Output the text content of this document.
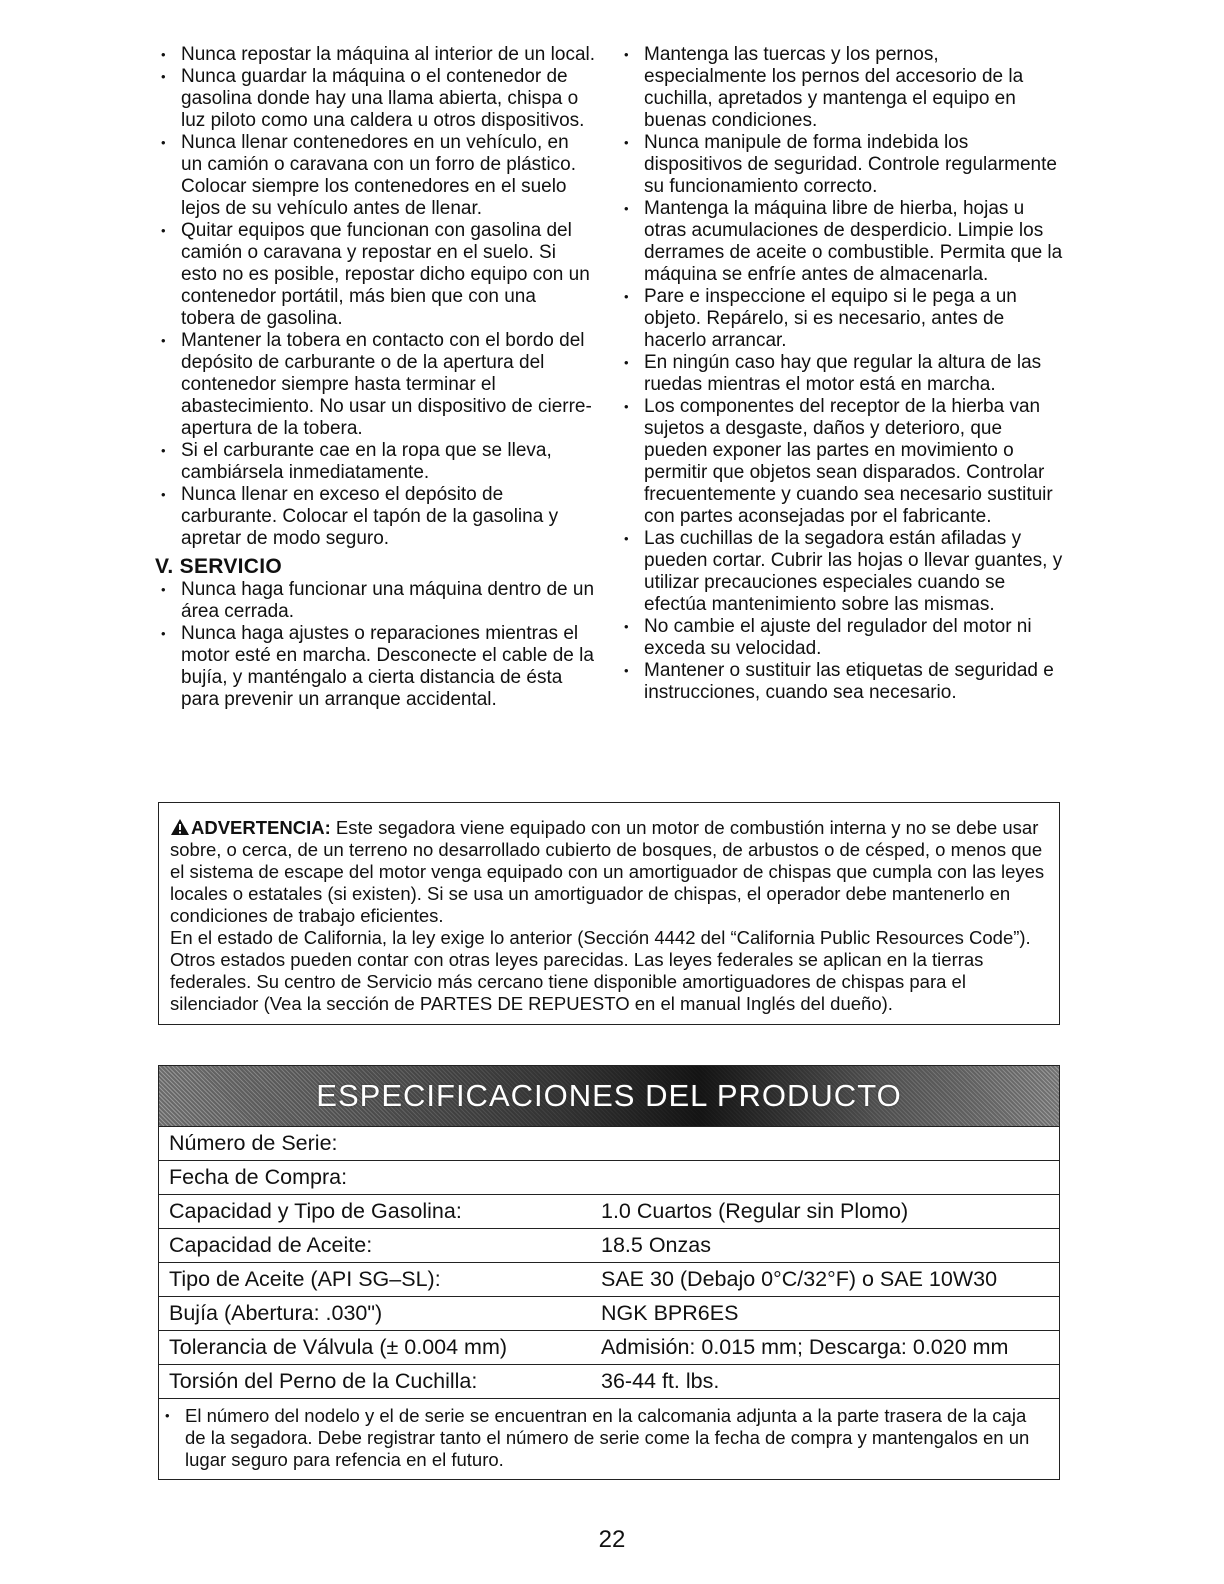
• Nunca repostar la máquina al interior de un local.
• Nunca guardar la máquina o el contenedor de gasolina donde hay una llama abierta, chispa o luz piloto como una caldera u otros dispositivos.
• Nunca llenar contenedores en un vehículo, en un camión o caravana con un forro de plástico. Colocar siempre los contenedores en el suelo lejos de su vehículo antes de llenar.
• Quitar equipos que funcionan con gasolina del camión o caravana y repostar en el suelo. Si esto no es posible, repostar dicho equipo con un contenedor portátil, más bien que con una tobera de gasolina.
• Mantener la tobera en contacto con el bordo del depósito de carburante o de la apertura del contenedor siempre hasta terminar el abastecimiento. No usar un dispositivo de cierre-apertura de la tobera.
• Si el carburante cae en la ropa que se lleva, cambiársela inmediatamente.
• Nunca llenar en exceso el depósito de carburante. Colocar el tapón de la gasolina y apretar de modo seguro.
V. SERVICIO
• Nunca haga funcionar una máquina dentro de un área cerrada.
• Nunca haga ajustes o reparaciones mientras el motor esté en marcha. Desconecte el cable de la bujía, y manténgalo a cierta distancia de ésta para prevenir un arranque accidental.
• Mantenga las tuercas y los pernos, especialmente los pernos del accesorio de la cuchilla, apretados y mantenga el equipo en buenas condiciones.
• Nunca manipule de forma indebida los dispositivos de seguridad. Controle regularmente su funcionamiento correcto.
• Mantenga la máquina libre de hierba, hojas u otras acumulaciones de desperdicio. Limpie los derrames de aceite o combustible. Permita que la máquina se enfríe antes de almacenarla.
• Pare e inspeccione el equipo si le pega a un objeto. Repárelo, si es necesario, antes de hacerlo arrancar.
• En ningún caso hay que regular la altura de las ruedas mientras el motor está en marcha.
• Los componentes del receptor de la hierba van sujetos a desgaste, daños y deterioro, que pueden exponer las partes en movimiento o permitir que objetos sean disparados. Controlar frecuentemente y cuando sea necesario sustituir con partes aconsejadas por el fabricante.
• Las cuchillas de la segadora están afiladas y pueden cortar. Cubrir las hojas o llevar guantes, y utilizar precauciones especiales cuando se efectúa mantenimiento sobre las mismas.
• No cambie el ajuste del regulador del motor ni exceda su velocidad.
• Mantener o sustituir las etiquetas de seguridad e instrucciones, cuando sea necesario.
ADVERTENCIA: Este segadora viene equipado con un motor de combustión interna y no se debe usar sobre, o cerca, de un terreno no desarrollado cubierto de bosques, de arbustos o de césped, o menos que el sistema de escape del motor venga equipado con un amortiguador de chispas que cumpla con las leyes locales o estatales (si existen). Si se usa un amortiguador de chispas, el operador debe mantenerlo en condiciones de trabajo eficientes.
En el estado de California, la ley exige lo anterior (Sección 4442 del “California Public Resources Code”). Otros estados pueden contar con otras leyes parecidas. Las leyes federales se aplican en la tierras federales. Su centro de Servicio más cercano tiene disponible amortiguadores de chispas para el silenciador (Vea la sección de PARTES DE REPUESTO en el manual Inglés del dueño).
ESPECIFICACIONES DEL PRODUCTO
Número de Serie:
Fecha de Compra:
Capacidad y Tipo de Gasolina:	1.0 Cuartos (Regular sin Plomo)
Capacidad de Aceite:	18.5 Onzas
Tipo de Aceite (API SG–SL):	SAE 30 (Debajo 0°C/32°F) o SAE 10W30
Bujía (Abertura: .030")	NGK BPR6ES
Tolerancia de Válvula (± 0.004 mm)	Admisión: 0.015 mm; Descarga: 0.020 mm
Torsión del Perno de la Cuchilla:	36-44 ft. lbs.
• El número del nodelo y el de serie se encuentran en la calcomania adjunta a la parte trasera de la caja de la segadora. Debe registrar tanto el número de serie come la fecha de compra y mantengalos en un lugar seguro para refencia en el futuro.
22
